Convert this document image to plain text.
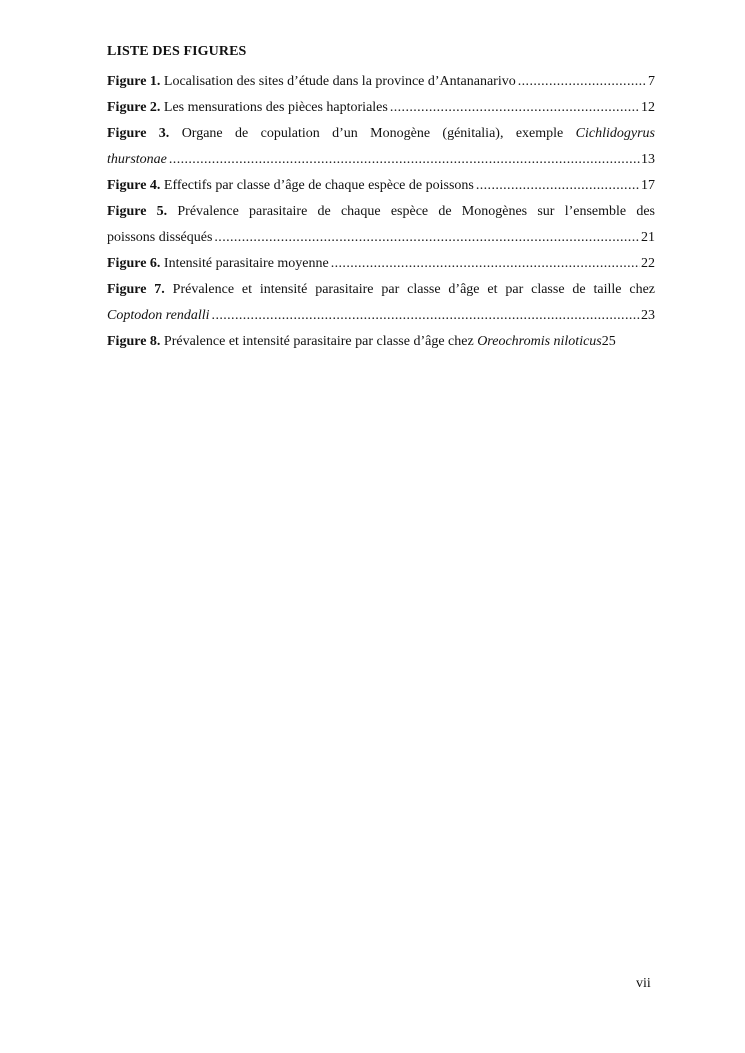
LISTE DES FIGURES
Figure 1. Localisation des sites d’étude dans la province d’Antananarivo .....	7
Figure 2. Les mensurations des pièces haptoriales .....	12
Figure 3. Organe de copulation d’un Monogène (génitalia), exemple Cichlidogyrus
thurstonae .....	13
Figure 4. Effectifs par classe d’âge de chaque espèce de poissons .....	17
Figure 5. Prévalence parasitaire de chaque espèce de Monogènes sur l’ensemble des
poissons disséqués .....	21
Figure 6. Intensité parasitaire moyenne .....	22
Figure 7. Prévalence et intensité parasitaire par classe d’âge et par classe de taille chez
Coptodon rendalli .....	23
Figure 8. Prévalence et intensité parasitaire par classe d’âge chez Oreochromis niloticus 25
vii
